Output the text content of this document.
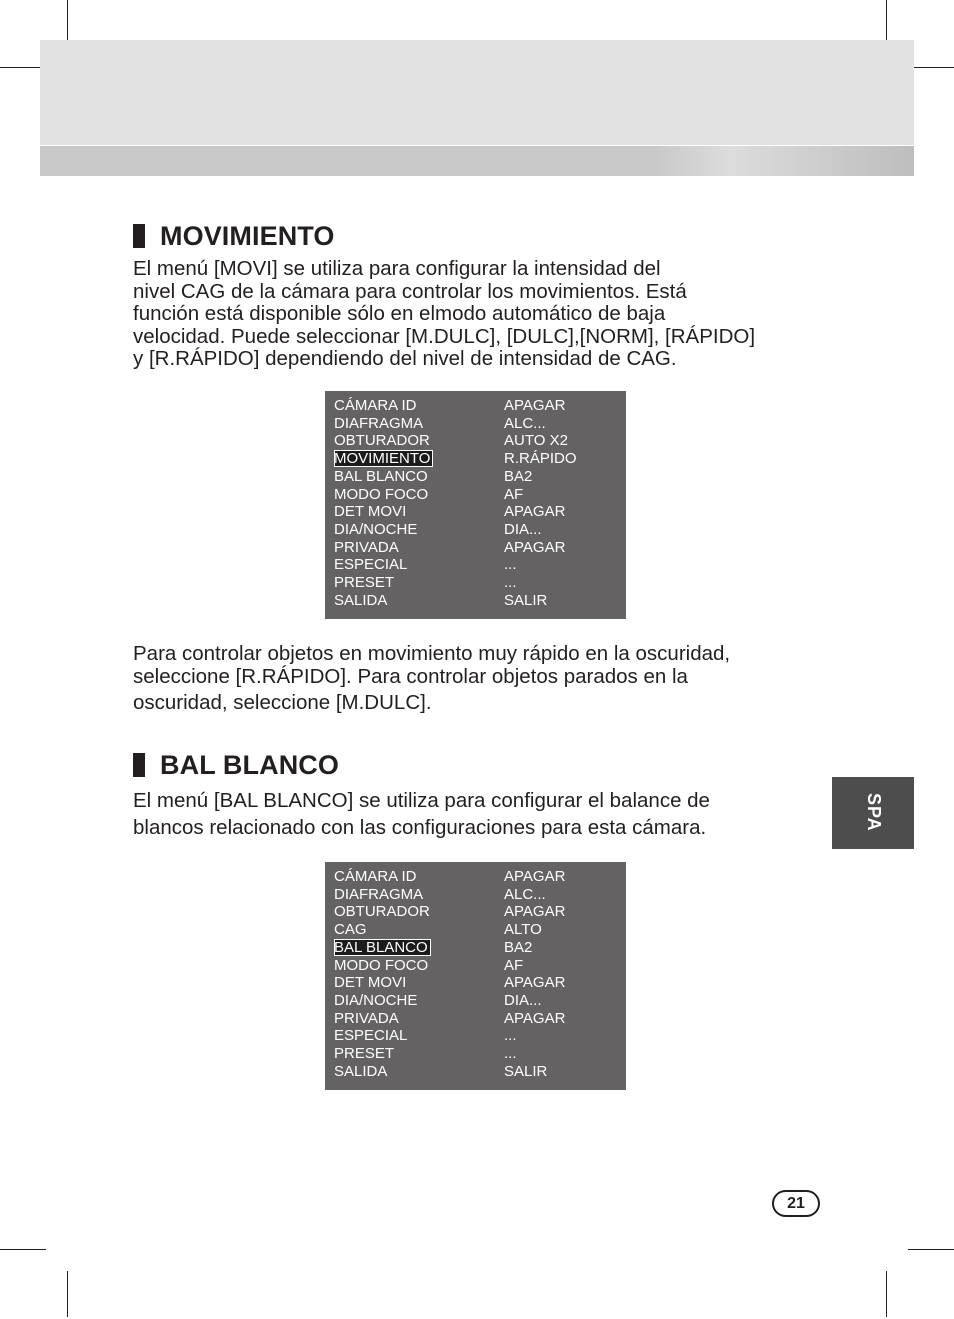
MOVIMIENTO
El menú [MOVI] se utiliza para configurar la intensidad del
nivel CAG de la cámara para controlar los movimientos. Está
función está disponible sólo en elmodo automático de baja
velocidad. Puede seleccionar [M.DULC], [DULC],[NORM], [RÁPIDO]
y [R.RÁPIDO] dependiendo del nivel de intensidad de CAG.
CÁMARA ID	APAGAR
DIAFRAGMA	ALC...
OBTURADOR	AUTO X2
MOVIMIENTO	R.RÁPIDO
BAL BLANCO	BA2
MODO FOCO	AF
DET MOVI	APAGAR
DIA/NOCHE	DIA...
PRIVADA	APAGAR
ESPECIAL	...
PRESET	...
SALIDA	SALIR
Para controlar objetos en movimiento muy rápido en la oscuridad,
seleccione [R.RÁPIDO]. Para controlar objetos parados en la
oscuridad, seleccione [M.DULC].
BAL BLANCO
El menú [BAL BLANCO] se utiliza para configurar el balance de
blancos relacionado con las configuraciones para esta cámara.
CÁMARA ID	APAGAR
DIAFRAGMA	ALC...
OBTURADOR	APAGAR
CAG	ALTO
BAL BLANCO	BA2
MODO FOCO	AF
DET MOVI	APAGAR
DIA/NOCHE	DIA...
PRIVADA	APAGAR
ESPECIAL	...
PRESET	...
SALIDA	SALIR
SPA
21
